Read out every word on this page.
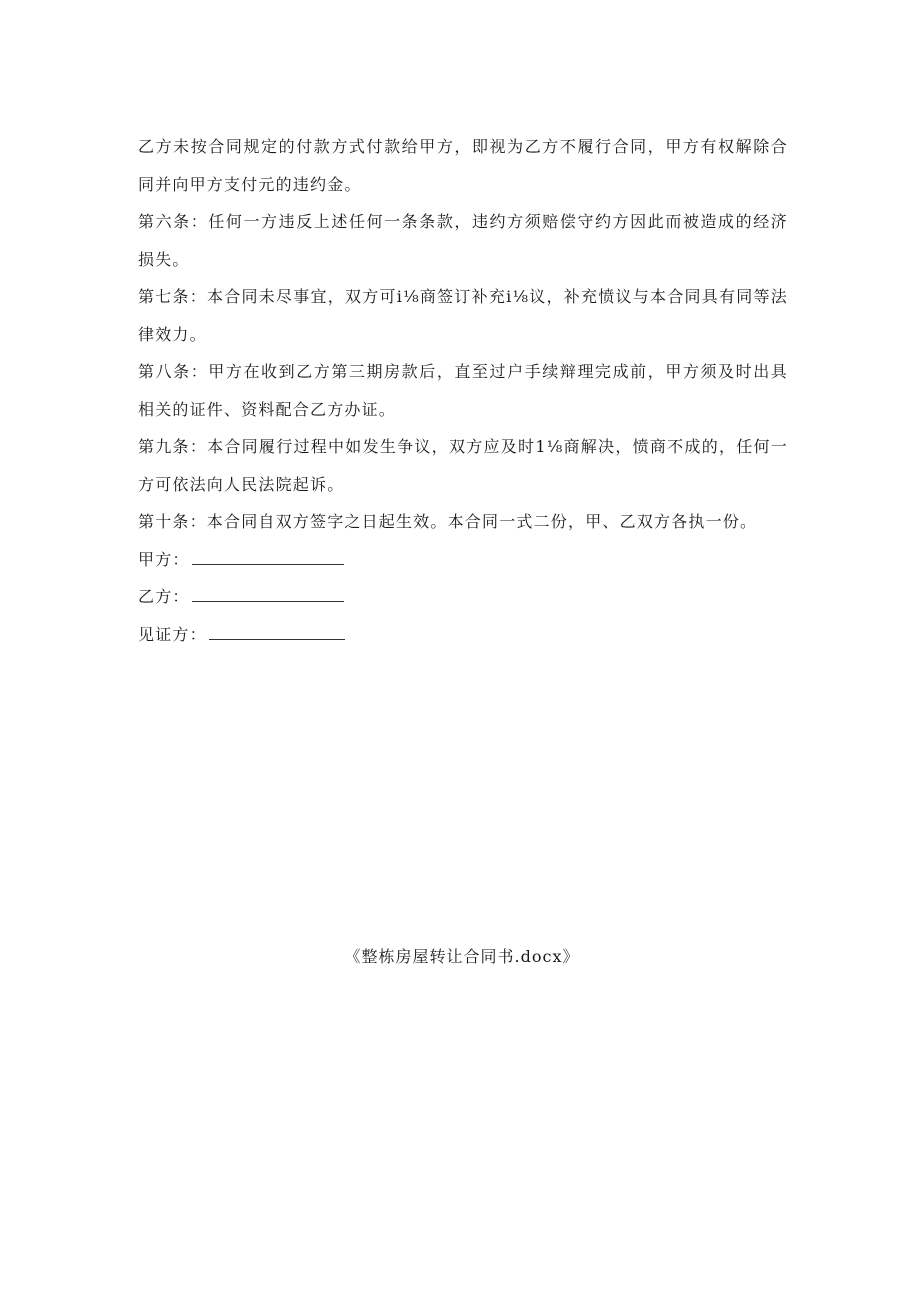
乙方未按合同规定的付款方式付款给甲方，即视为乙方不履行合同，甲方有权解除合同并向甲方支付元的违约金。

第六条：任何一方违反上述任何一条条款，违约方须赔偿守约方因此而被造成的经济损失。

第七条：本合同未尽事宜，双方可i⅛商签订补充i⅛议，补充愤议与本合同具有同等法律效力。

第八条：甲方在收到乙方第三期房款后，直至过户手续辩理完成前，甲方须及时出具相关的证件、资料配合乙方办证。

第九条：本合同履行过程中如发生争议，双方应及时1⅛商解决，愤商不成的，任何一方可依法向人民法院起诉。

第十条：本合同自双方签字之日起生效。本合同一式二份，甲、乙双方各执一份。

甲方：
乙方：
见证方：
《整栋房屋转让合同书.docx》
